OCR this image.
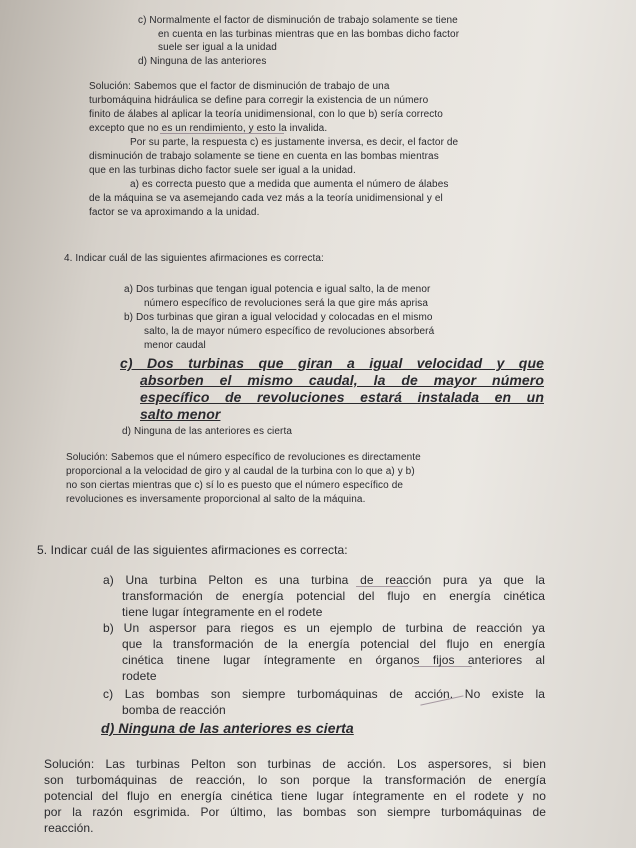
c) Normalmente el factor de disminución de trabajo solamente se tiene
en cuenta en las turbinas mientras que en las bombas dicho factor
suele ser igual a la unidad
d) Ninguna de las anteriores
Solución: Sabemos que el factor de disminución de trabajo de una
turbomáquina hidráulica se define para corregir la existencia de un número
finito de álabes al aplicar la teoría unidimensional, con lo que b) sería correcto
excepto que no es un rendimiento, y esto la invalida.
Por su parte, la respuesta c) es justamente inversa, es decir, el factor de
disminución de trabajo solamente se tiene en cuenta en las bombas mientras
que en las turbinas dicho factor suele ser igual a la unidad.
a) es correcta puesto que a medida que aumenta el número de álabes
de la máquina se va asemejando cada vez más a la teoría unidimensional y el
factor se va aproximando a la unidad.
4. Indicar cuál de las siguientes afirmaciones es correcta:
a) Dos turbinas que tengan igual potencia e igual salto, la de menor
número específico de revoluciones será la que gire más aprisa
b) Dos turbinas que giran a igual velocidad y colocadas en el mismo
salto, la de mayor número específico de revoluciones absorberá
menor caudal
c) Dos turbinas que giran a igual velocidad y que
absorben el mismo caudal, la de mayor número
específico de revoluciones estará instalada en un
salto menor
d) Ninguna de las anteriores es cierta
Solución: Sabemos que el número específico de revoluciones es directamente
proporcional a la velocidad de giro y al caudal de la turbina con lo que a) y b)
no son ciertas mientras que c) sí lo es puesto que el número específico de
revoluciones es inversamente proporcional al salto de la máquina.
5. Indicar cuál de las siguientes afirmaciones es correcta:
a) Una turbina Pelton es una turbina de reacción pura ya que la
transformación de energía potencial del flujo en energía cinética
tiene lugar íntegramente en el rodete
b) Un aspersor para riegos es un ejemplo de turbina de reacción ya
que la transformación de la energía potencial del flujo en energía
cinética tinene lugar íntegramente en órganos fijos anteriores al
rodete
c) Las bombas son siempre turbomáquinas de acción. No existe la
bomba de reacción
d) Ninguna de las anteriores es cierta
Solución: Las turbinas Pelton son turbinas de acción. Los aspersores, si bien
son turbomáquinas de reacción, lo son porque la transformación de energía
potencial del flujo en energía cinética tiene lugar íntegramente en el rodete y no
por la razón esgrimida. Por último, las bombas son siempre turbomáquinas de
reacción.
